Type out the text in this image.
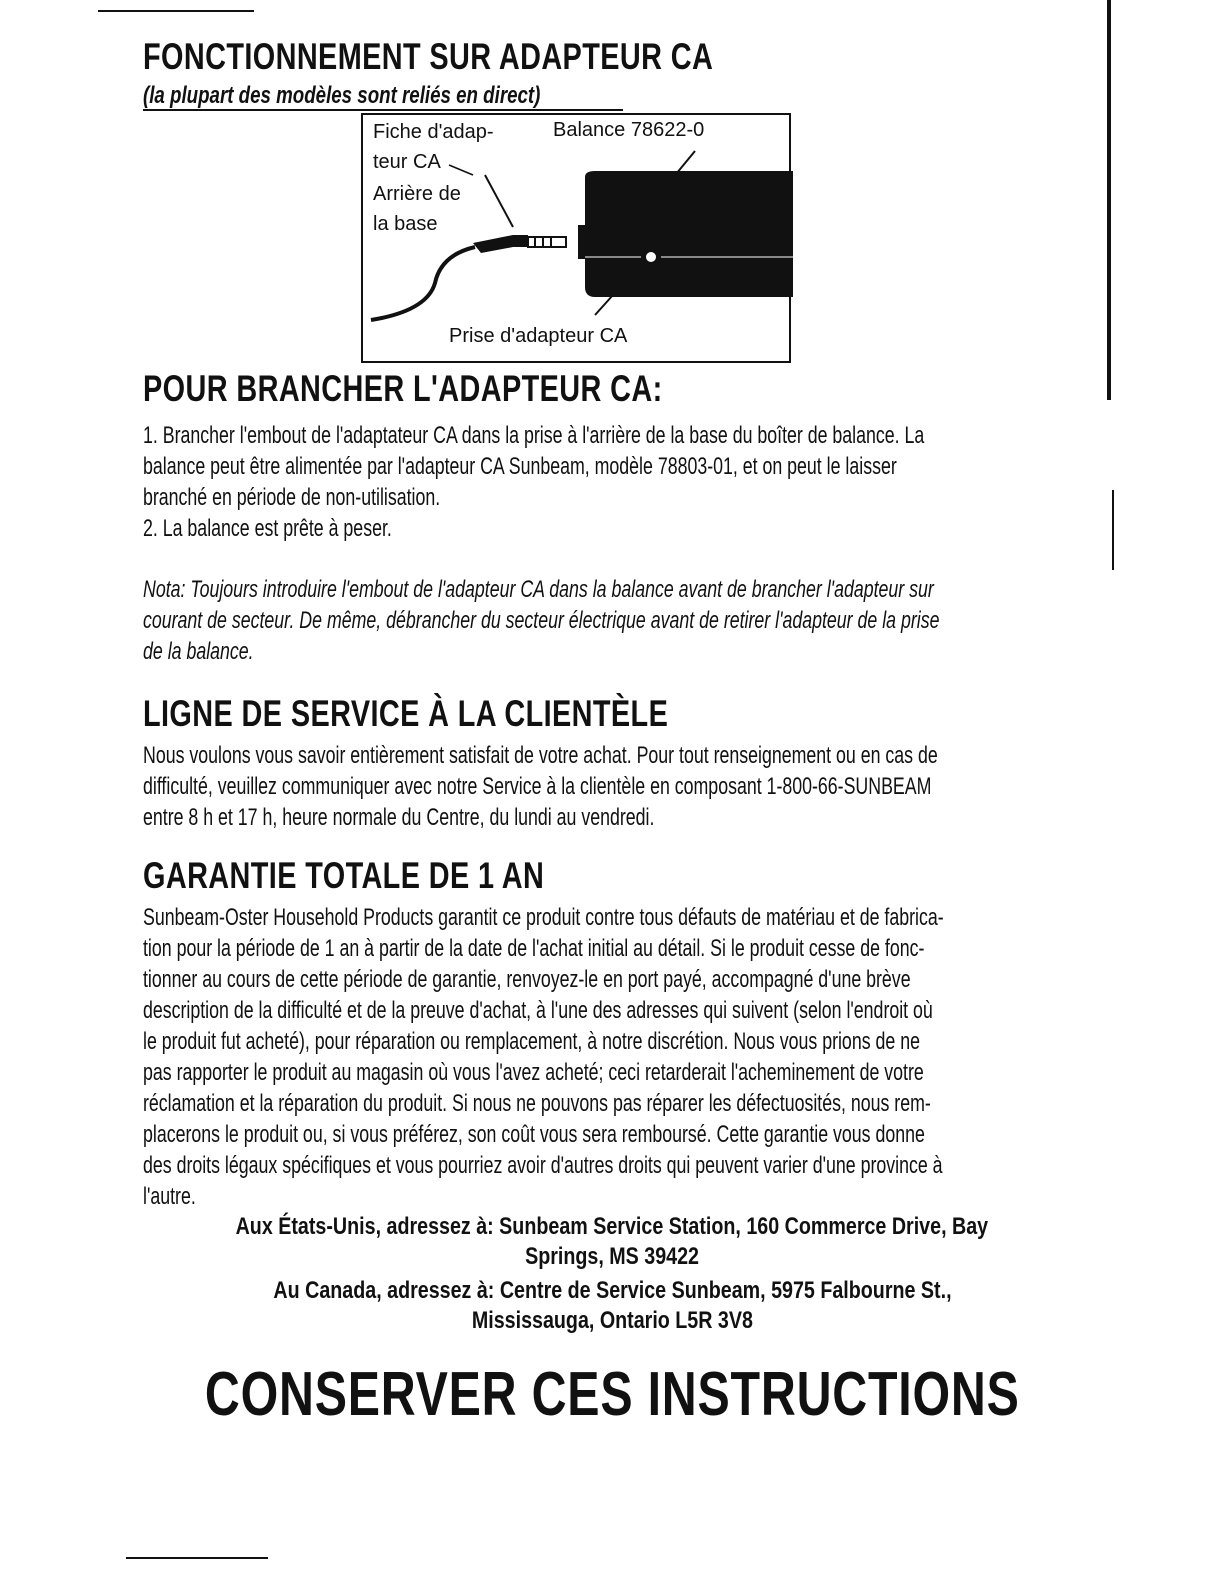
FONCTIONNEMENT SUR ADAPTEUR CA
(la plupart des modèles sont reliés en direct)
Fiche d'adap-
teur CA
Arrière de
la base
Balance 78622-0
Prise d'adapteur CA
POUR BRANCHER L'ADAPTEUR CA:
1. Brancher l'embout de l'adaptateur CA dans la prise à l'arrière de la base du boîter de balance. La
balance peut être alimentée par l'adapteur CA Sunbeam, modèle 78803-01, et on peut le laisser
branché en période de non-utilisation.
2. La balance est prête à peser.
Nota: Toujours introduire l'embout de l'adapteur CA dans la balance avant de brancher l'adapteur sur
courant de secteur. De même, débrancher du secteur électrique avant de retirer l'adapteur de la prise
de la balance.
LIGNE DE SERVICE À LA CLIENTÈLE
Nous voulons vous savoir entièrement satisfait de votre achat. Pour tout renseignement ou en cas de
difficulté, veuillez communiquer avec notre Service à la clientèle en composant 1-800-66-SUNBEAM
entre 8 h et 17 h, heure normale du Centre, du lundi au vendredi.
GARANTIE TOTALE DE 1 AN
Sunbeam-Oster Household Products garantit ce produit contre tous défauts de matériau et de fabrica-
tion pour la période de 1 an à partir de la date de l'achat initial au détail. Si le produit cesse de fonc-
tionner au cours de cette période de garantie, renvoyez-le en port payé, accompagné d'une brève
description de la difficulté et de la preuve d'achat, à l'une des adresses qui suivent (selon l'endroit où
le produit fut acheté), pour réparation ou remplacement, à notre discrétion. Nous vous prions de ne
pas rapporter le produit au magasin où vous l'avez acheté; ceci retarderait l'acheminement de votre
réclamation et la réparation du produit. Si nous ne pouvons pas réparer les défectuosités, nous rem-
placerons le produit ou, si vous préférez, son coût vous sera remboursé. Cette garantie vous donne
des droits légaux spécifiques et vous pourriez avoir d'autres droits qui peuvent varier d'une province à
l'autre.
Aux États-Unis, adressez à: Sunbeam Service Station, 160 Commerce Drive, Bay
Springs, MS 39422
Au Canada, adressez à: Centre de Service Sunbeam, 5975 Falbourne St.,
Mississauga, Ontario L5R 3V8
CONSERVER CES INSTRUCTIONS
